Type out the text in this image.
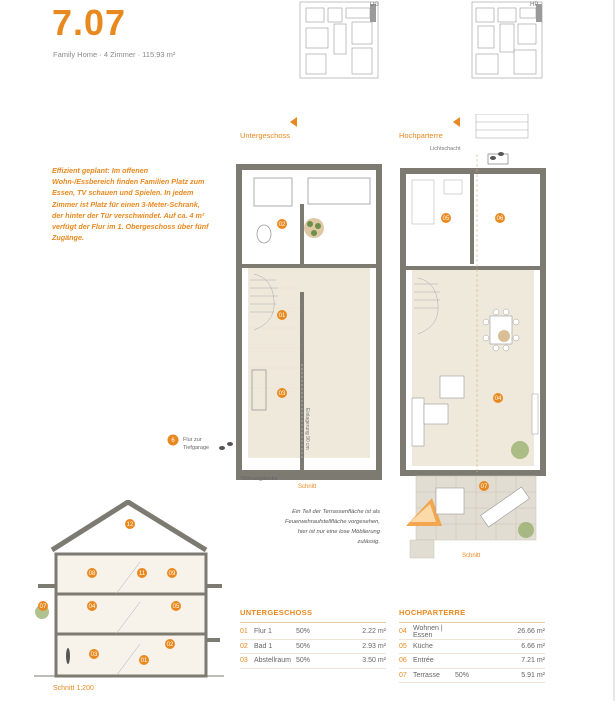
7.07
Family Home · 4 Zimmer · 115.93 m²
UG	HP
Effizient geplant: Im offenen Wohn-/Essbereich finden Familien Platz zum Essen, TV schauen und Spielen. In jedem Zimmer ist Platz für einen 3-Meter-Schrank, der hinter der Tür verschwindet. Auf ca. 4 m² verfügt der Flur im 1. Obergeschoss über fünf Zugänge.
Untergeschoss	Hochparterre
02
01
03
Einlagerung 90 cm
6 Flur zur
Tiefgarage
*Abhangdecke
Schnitt
Lichtschacht
05	06
04
07
Schnitt
Ein Teil der Terrassenfläche ist als Feuerwehraufstellfläche vorgesehen, hier ist nur eine lose Möblierung zulässig.
12
08	11	09
04	05
07
02
03
01
Schnitt 1:200
UNTERGESCHOSS
01 Flur 1	50%	2.22 m²
02 Bad 1	50%	2.93 m²
03 Abstellraum 50%	3.50 m²
HOCHPARTERRE
04 Wohnen | Essen	26.66 m²
05 Küche	6.66 m²
06 Entrée	7.21 m²
07 Terrasse	50%	5.91 m²
